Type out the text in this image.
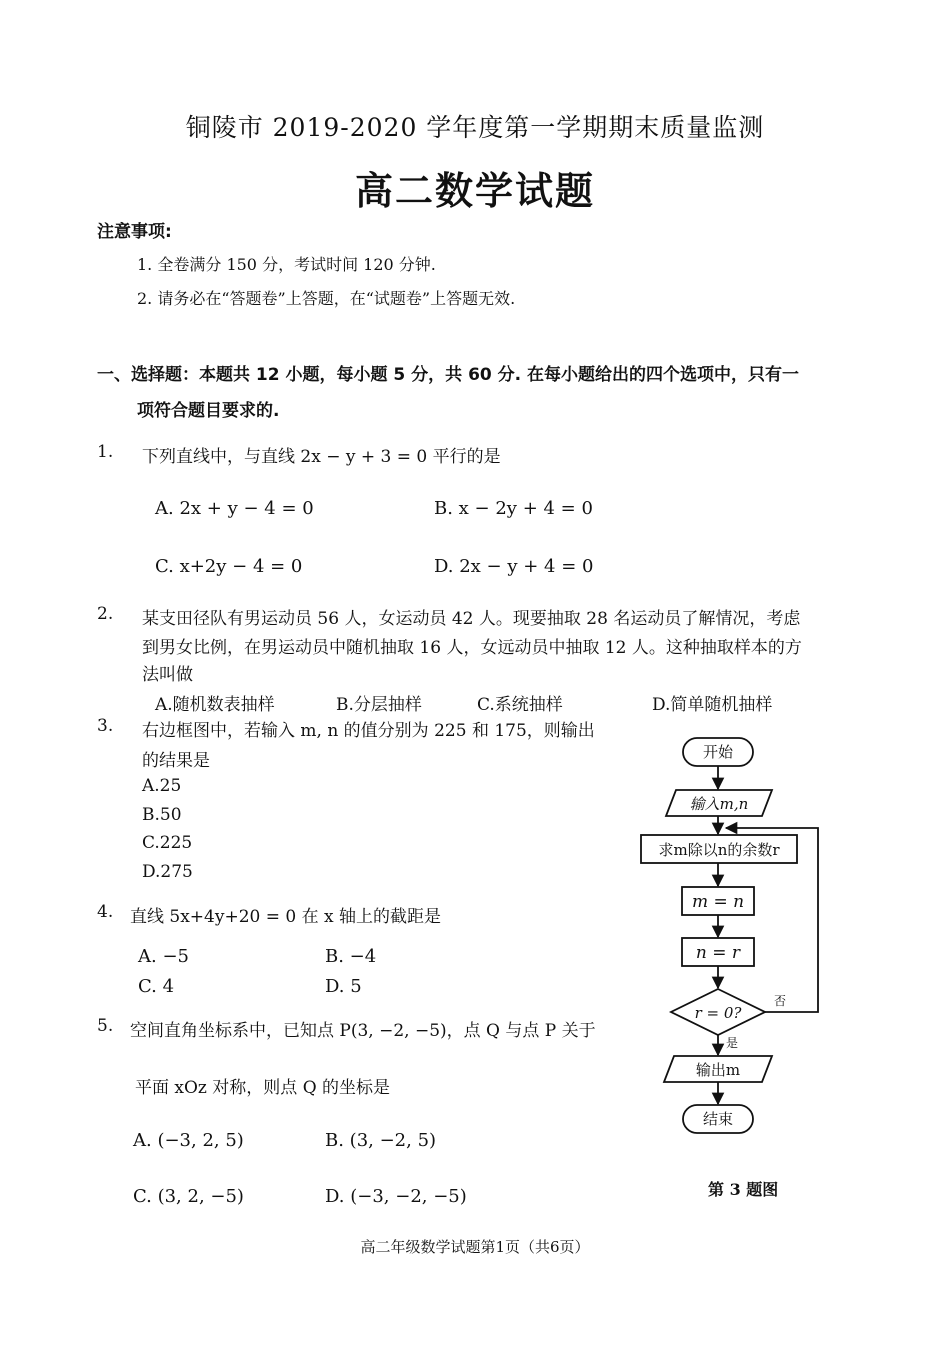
铜陵市 2019-2020 学年度第一学期期末质量监测
高二数学试题
注意事项:
1. 全卷满分 150 分，考试时间 120 分钟.
2. 请务必在“答题卷”上答题，在“试题卷”上答题无效.
一、选择题：本题共 12 小题，每小题 5 分，共 60 分. 在每小题给出的四个选项中，只有一
项符合题目要求的.
1. 下列直线中，与直线 2x − y + 3 = 0 平行的是
A. 2x + y − 4 = 0	B. x − 2y + 4 = 0
C. x+2y − 4 = 0	D. 2x − y + 4 = 0
2. 某支田径队有男运动员 56 人，女运动员 42 人。现要抽取 28 名运动员了解情况，考虑
到男女比例，在男运动员中随机抽取 16 人，女远动员中抽取 12 人。这种抽取样本的方
法叫做
A.随机数表抽样	B.分层抽样	C.系统抽样	D.简单随机抽样
3. 右边框图中，若输入 m, n 的值分别为 225 和 175，则输出
的结果是
A.25
B.50
C.225
D.275
4. 直线 5x+4y+20 = 0 在 x 轴上的截距是
A. −5	B. −4
C. 4	D. 5
5. 空间直角坐标系中，已知点 P(3, −2, −5)，点 Q 与点 P 关于
平面 xOz 对称，则点 Q 的坐标是
A. (−3, 2, 5)	B. (3, −2, 5)
C. (3, 2, −5)	D. (−3, −2, −5)
开始
输入m,n
求m除以n的余数r
m = n
n = r
r = 0?
否
是
输出m
结束
第 3 题图
高二年级数学试题第1页（共6页）
